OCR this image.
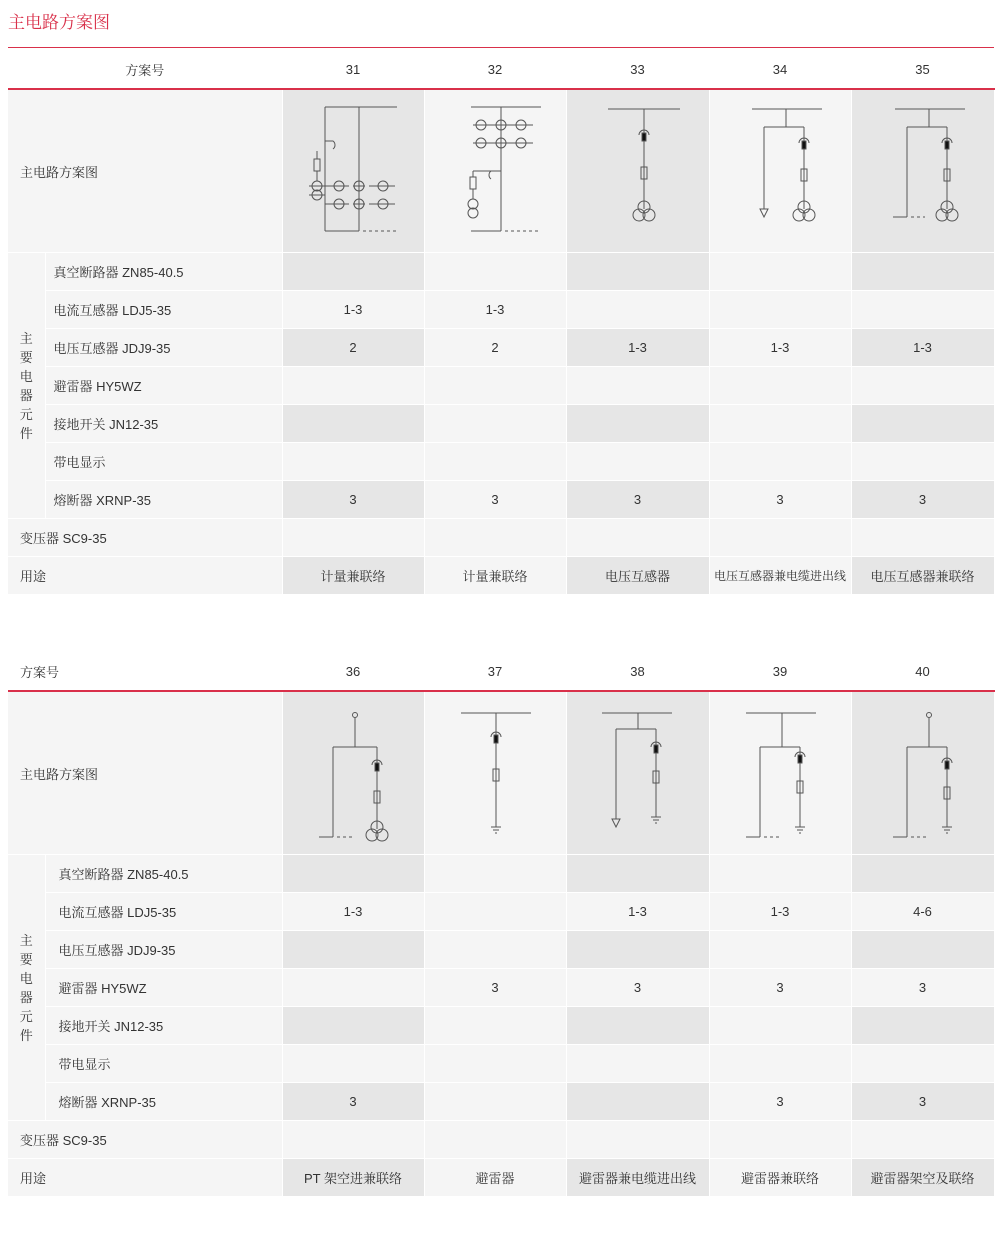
主电路方案图
方案号		31	32	33	34	35
主电路方案图	

主要电器元件	真空断路器 ZN85-40.5					
	电流互感器 LDJ5-35	1-3	1-3			
	电压互感器 JDJ9-35	2	2	1-3	1-3	1-3
	避雷器 HY5WZ					
	接地开关 JN12-35					
	带电显示					
	熔断器 XRNP-35	3	3	3	3	3
变压器 SC9-35						
用途		计量兼联络	计量兼联络	电压互感器	电压互感器兼电缆进出线	电压互感器兼联络
方案号		36	37	38	39	40
主电路方案图	

主要电器元件	真空断路器 ZN85-40.5					
	电流互感器 LDJ5-35	1-3		1-3	1-3	4-6
	电压互感器 JDJ9-35					
	避雷器 HY5WZ		3	3	3	3
	接地开关 JN12-35					
	带电显示					
	熔断器 XRNP-35	3			3	3
变压器 SC9-35						
用途		PT 架空进兼联络	避雷器	避雷器兼电缆进出线	避雷器兼联络	避雷器架空及联络
